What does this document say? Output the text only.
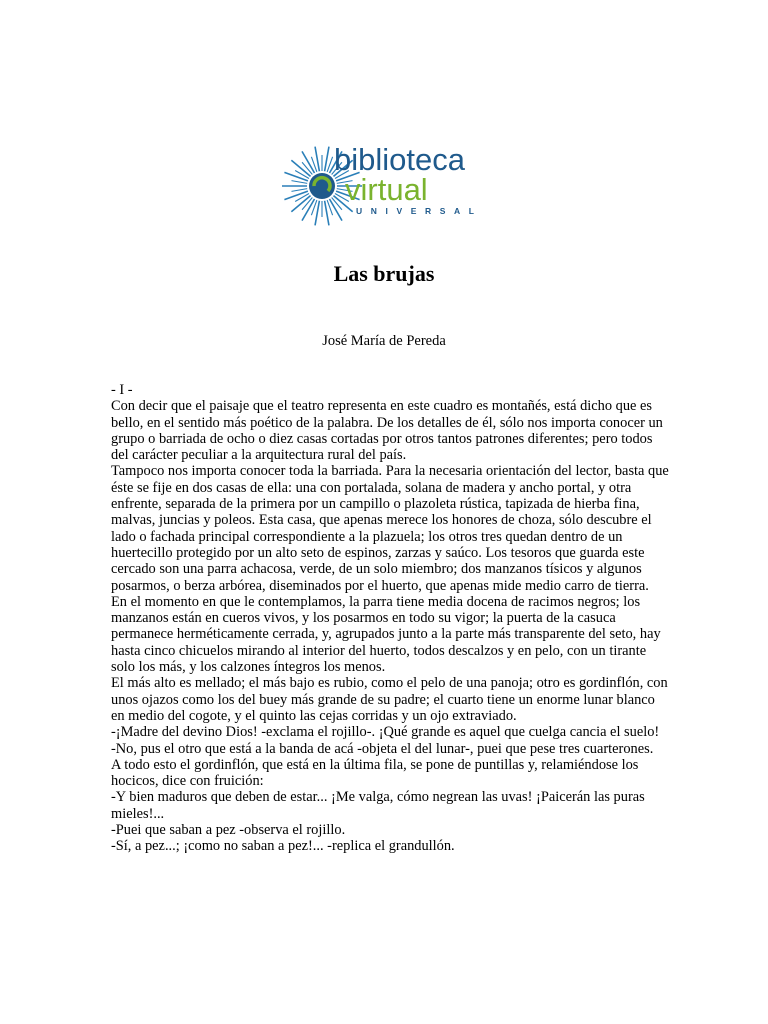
biblioteca
virtual
UNIVERSAL
Las brujas
José María de Pereda

- I -

Con decir que el paisaje que el teatro representa en este cuadro es montañés, está dicho que es bello, en el sentido más poético de la palabra. De los detalles de él, sólo nos importa conocer un grupo o barriada de ocho o diez casas cortadas por otros tantos patrones diferentes; pero todos del carácter peculiar a la arquitectura rural del país.

Tampoco nos importa conocer toda la barriada. Para la necesaria orientación del lector, basta que éste se fije en dos casas de ella: una con portalada, solana de madera y ancho portal, y otra enfrente, separada de la primera por un campillo o plazoleta rústica, tapizada de hierba fina, malvas, juncias y poleos. Esta casa, que apenas merece los honores de choza, sólo descubre el lado o fachada principal correspondiente a la plazuela; los otros tres quedan dentro de un huertecillo protegido por un alto seto de espinos, zarzas y saúco. Los tesoros que guarda este cercado son una parra achacosa, verde, de un solo miembro; dos manzanos tísicos y algunos posarmos, o berza arbórea, diseminados por el huerto, que apenas mide medio carro de tierra.

En el momento en que le contemplamos, la parra tiene media docena de racimos negros; los manzanos están en cueros vivos, y los posarmos en todo su vigor; la puerta de la casuca permanece herméticamente cerrada, y, agrupados junto a la parte más transparente del seto, hay hasta cinco chicuelos mirando al interior del huerto, todos descalzos y en pelo, con un tirante solo los más, y los calzones íntegros los menos.

El más alto es mellado; el más bajo es rubio, como el pelo de una panoja; otro es gordinflón, con unos ojazos como los del buey más grande de su padre; el cuarto tiene un enorme lunar blanco en medio del cogote, y el quinto las cejas corridas y un ojo extraviado.

-¡Madre del devino Dios! -exclama el rojillo-. ¡Qué grande es aquel que cuelga cancia el suelo!

-No, pus el otro que está a la banda de acá -objeta el del lunar-, puei que pese tres cuarterones.

A todo esto el gordinflón, que está en la última fila, se pone de puntillas y, relamiéndose los hocicos, dice con fruición:

-Y bien maduros que deben de estar... ¡Me valga, cómo negrean las uvas! ¡Paicerán las puras mieles!...

-Puei que saban a pez -observa el rojillo.

-Sí, a pez...; ¡como no saban a pez!... -replica el grandullón.
